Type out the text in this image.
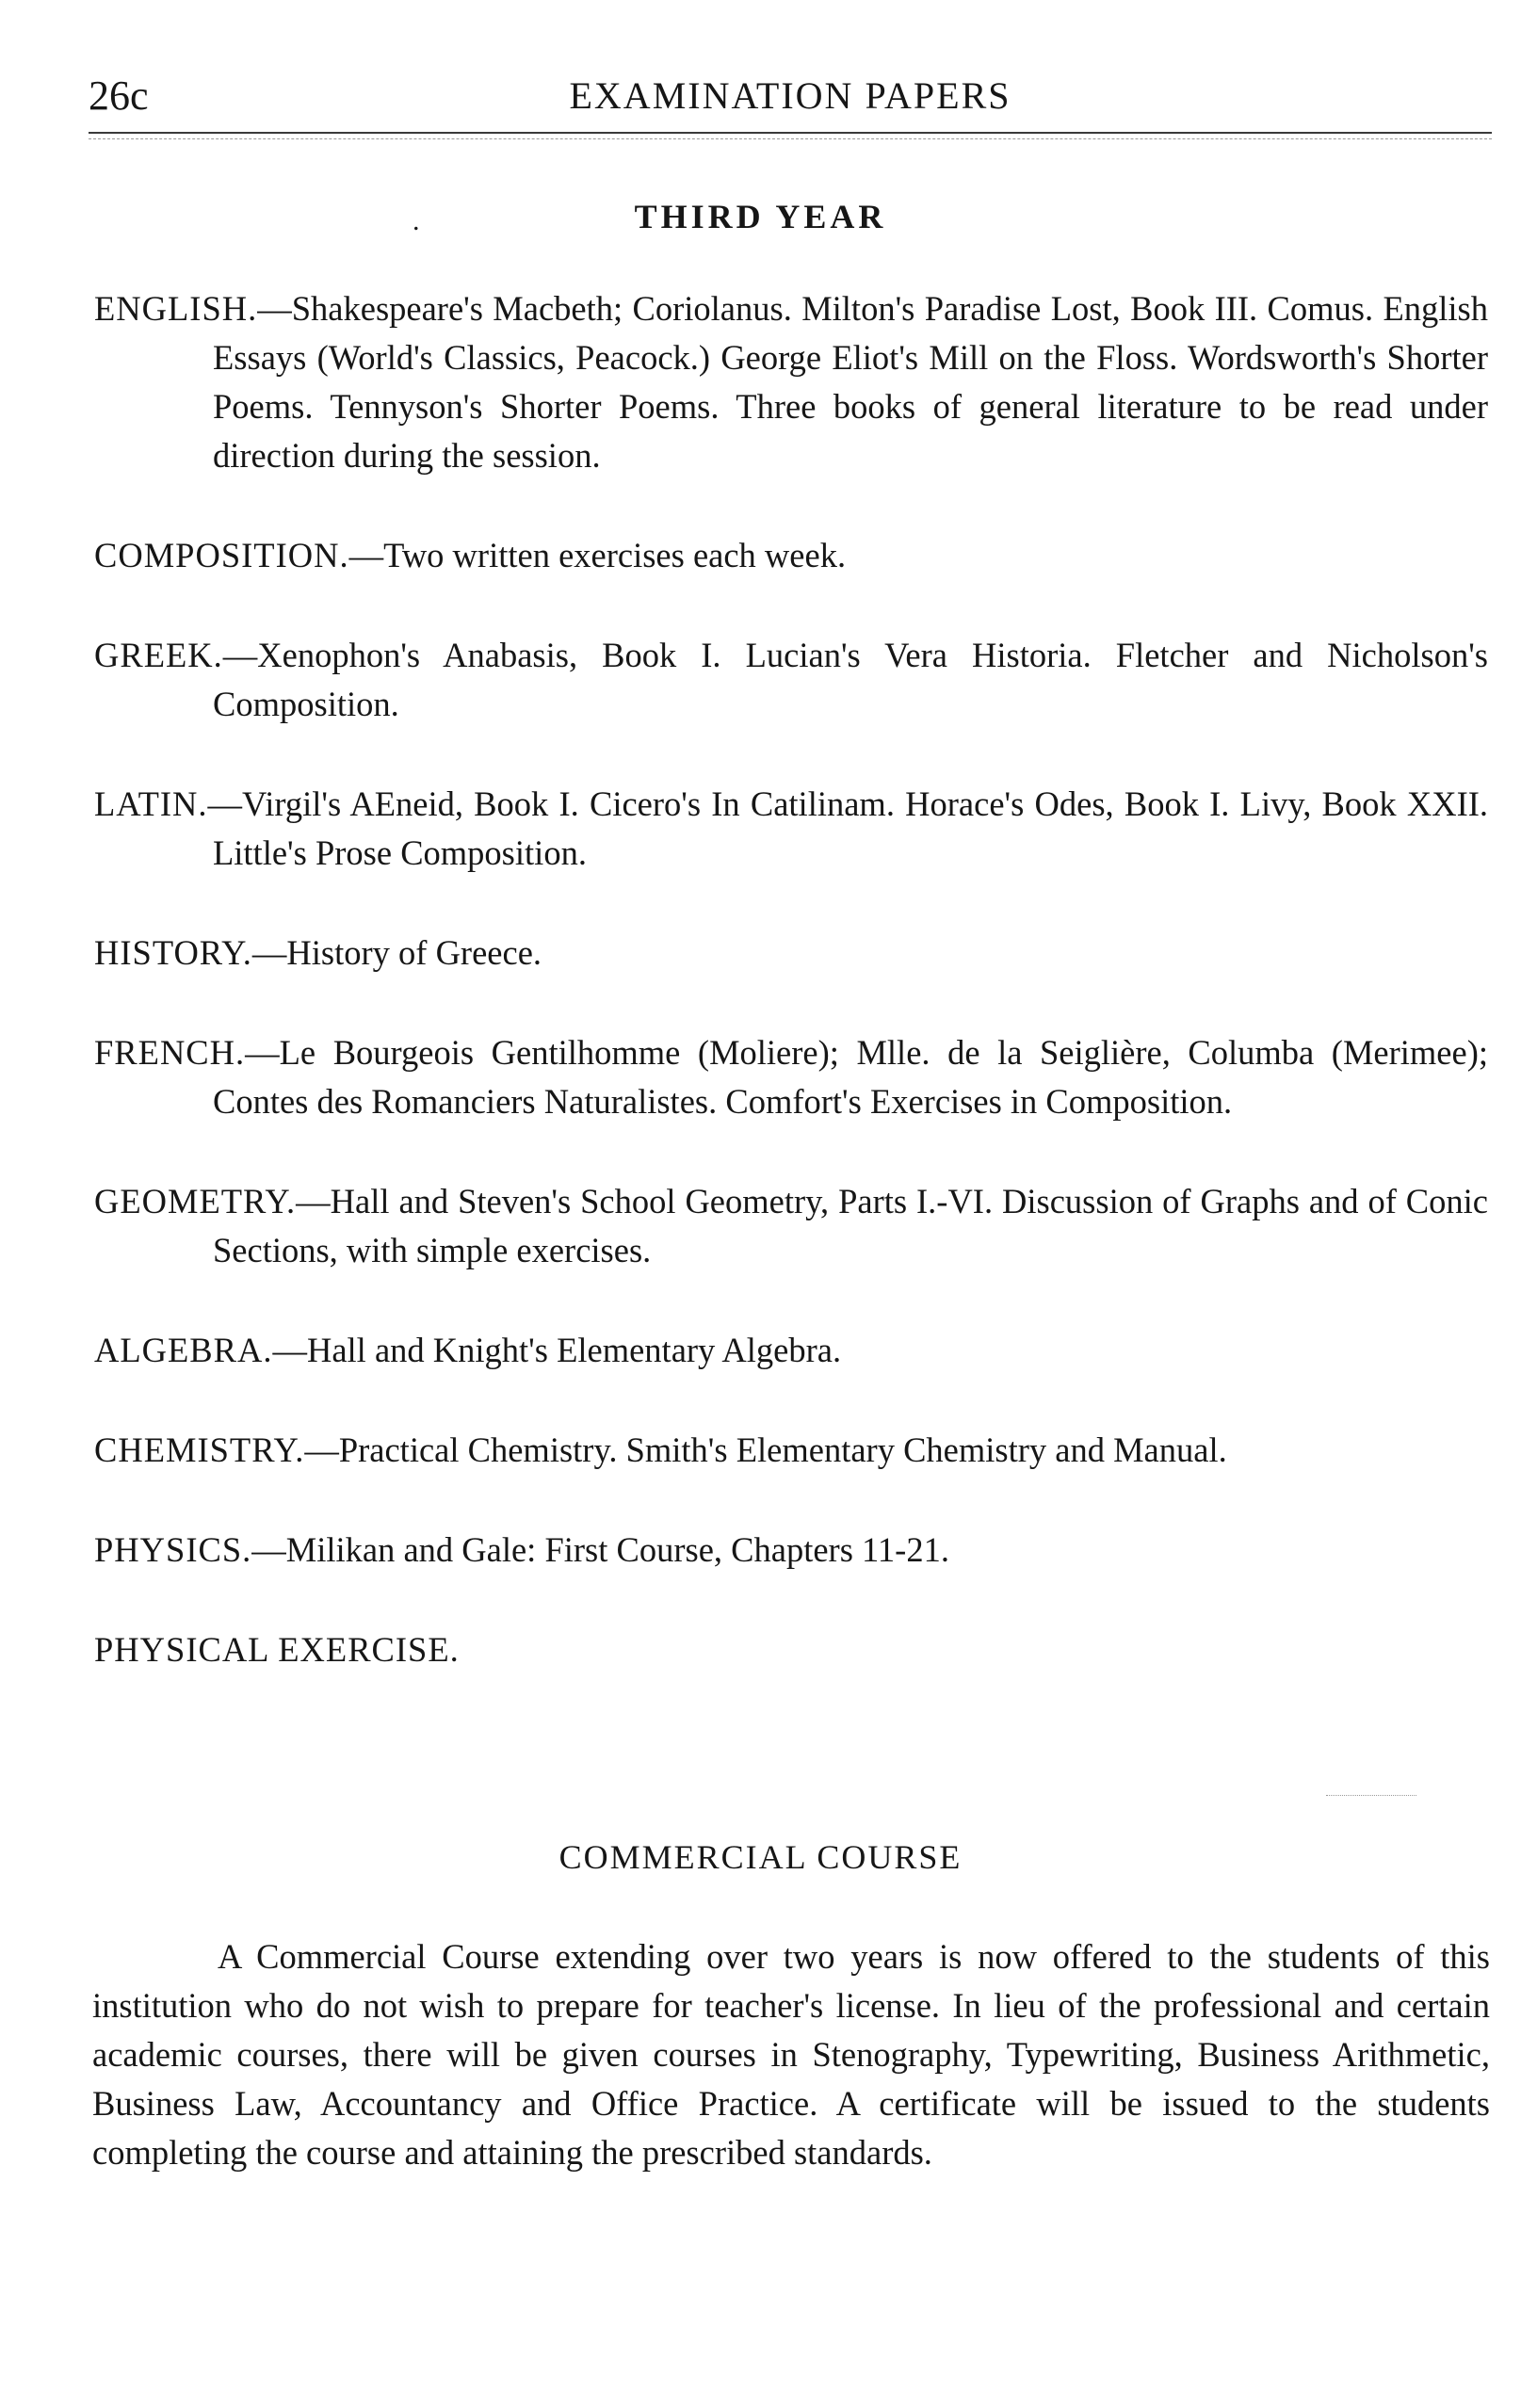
26c	EXAMINATION PAPERS
.	THIRD YEAR

ENGLISH.—Shakespeare's Macbeth; Coriolanus. Milton's Paradise Lost, Book III. Comus. English Essays (World's Classics, Peacock.) George Eliot's Mill on the Floss. Wordsworth's Shorter Poems. Tennyson's Shorter Poems. Three books of general literature to be read under direction during the session.

COMPOSITION.—Two written exercises each week.

GREEK.—Xenophon's Anabasis, Book I. Lucian's Vera Historia. Fletcher and Nicholson's Composition.

LATIN.—Virgil's AEneid, Book I. Cicero's In Catilinam. Horace's Odes, Book I. Livy, Book XXII. Little's Prose Composition.

HISTORY.—History of Greece.

FRENCH.—Le Bourgeois Gentilhomme (Moliere); Mlle. de la Seiglière, Columba (Merimee); Contes des Romanciers Naturalistes. Comfort's Exercises in Composition.

GEOMETRY.—Hall and Steven's School Geometry, Parts I.-VI. Discussion of Graphs and of Conic Sections, with simple exercises.

ALGEBRA.—Hall and Knight's Elementary Algebra.

CHEMISTRY.—Practical Chemistry. Smith's Elementary Chemistry and Manual.

PHYSICS.—Milikan and Gale: First Course, Chapters 11-21.

PHYSICAL EXERCISE.

COMMERCIAL COURSE

A Commercial Course extending over two years is now offered to the students of this institution who do not wish to prepare for teacher's license. In lieu of the professional and certain academic courses, there will be given courses in Stenography, Typewriting, Business Arithmetic, Business Law, Accountancy and Office Practice. A certificate will be issued to the students completing the course and attaining the prescribed standards.
